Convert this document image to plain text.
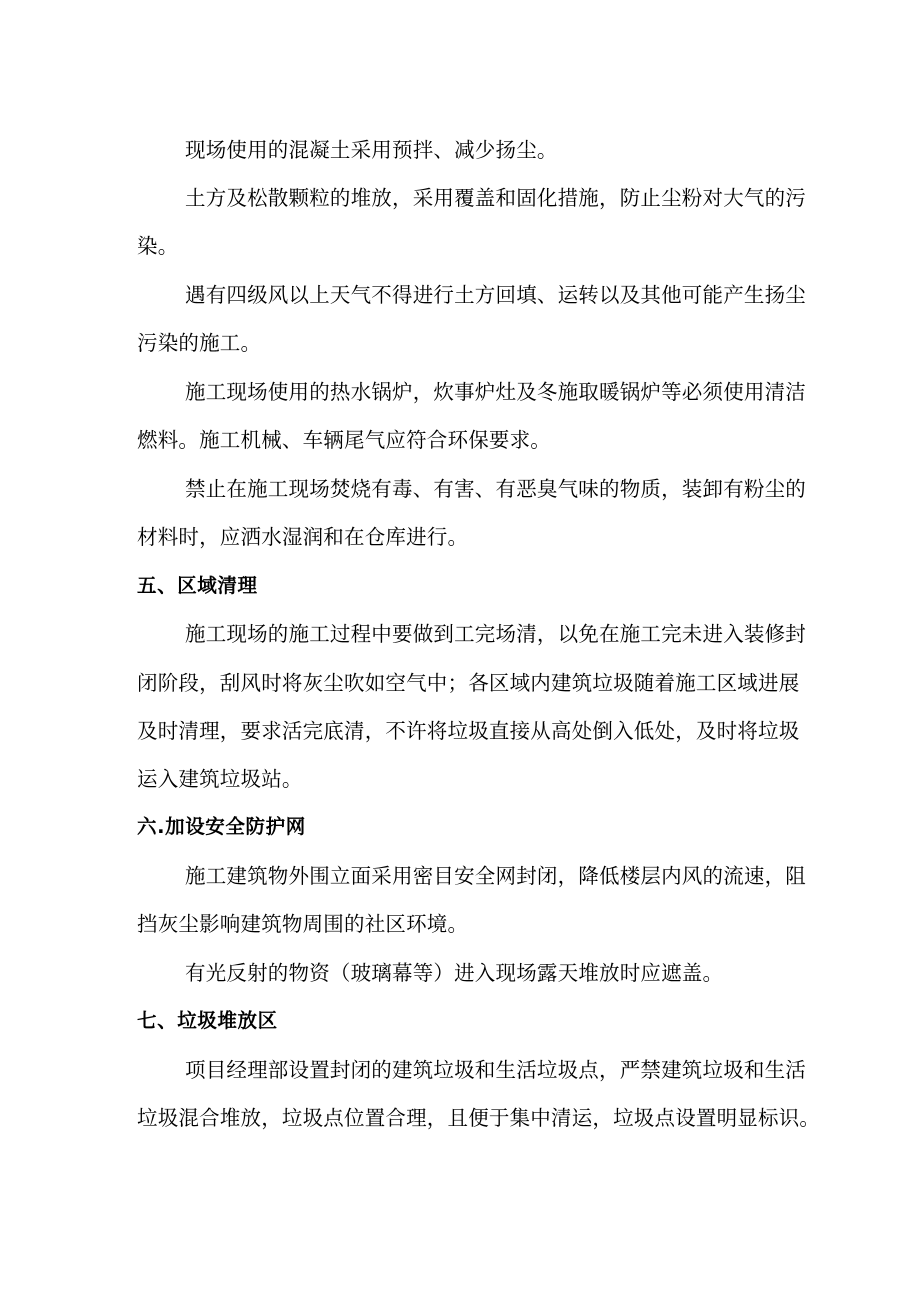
现场使用的混凝土采用预拌、减少扬尘。
土方及松散颗粒的堆放，采用覆盖和固化措施，防止尘粉对大气的污
染。
遇有四级风以上天气不得进行土方回填、运转以及其他可能产生扬尘
污染的施工。
施工现场使用的热水锅炉，炊事炉灶及冬施取暖锅炉等必须使用清洁
燃料。施工机械、车辆尾气应符合环保要求。
禁止在施工现场焚烧有毒、有害、有恶臭气味的物质，装卸有粉尘的
材料时，应洒水湿润和在仓库进行。
五、区域清理
施工现场的施工过程中要做到工完场清，以免在施工完未进入装修封
闭阶段，刮风时将灰尘吹如空气中；各区域内建筑垃圾随着施工区域进展
及时清理，要求活完底清，不许将垃圾直接从高处倒入低处，及时将垃圾
运入建筑垃圾站。
六.加设安全防护网
施工建筑物外围立面采用密目安全网封闭，降低楼层内风的流速，阻
挡灰尘影响建筑物周围的社区环境。
有光反射的物资（玻璃幕等）进入现场露天堆放时应遮盖。
七、垃圾堆放区
项目经理部设置封闭的建筑垃圾和生活垃圾点，严禁建筑垃圾和生活
垃圾混合堆放，垃圾点位置合理，且便于集中清运，垃圾点设置明显标识。
